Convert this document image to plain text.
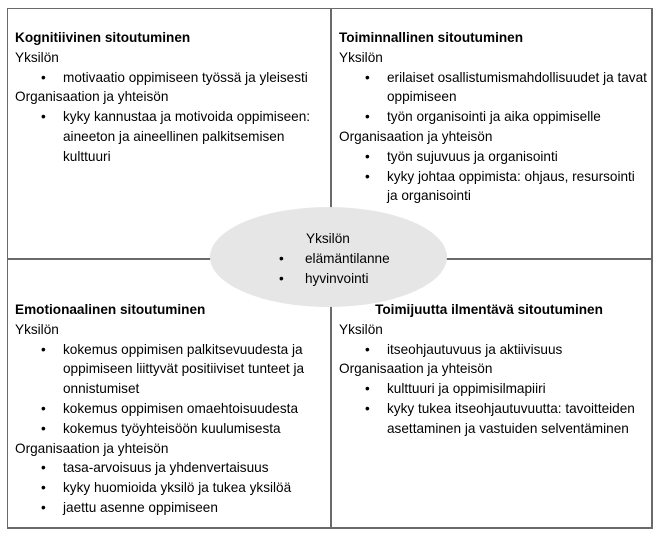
Kognitiivinen sitoutuminen
Yksilön
• motivaatio oppimiseen työssä ja yleisesti
Organisaation ja yhteisön
• kyky kannustaa ja motivoida oppimiseen: aineeton ja aineellinen palkitsemisen kulttuuri
Toiminnallinen sitoutuminen
Yksilön
• erilaiset osallistumismahdollisuudet ja tavat oppimiseen
• työn organisointi ja aika oppimiselle
Organisaation ja yhteisön
• työn sujuvuus ja organisointi
• kyky johtaa oppimista: ohjaus, resursointi ja organisointi
Emotionaalinen sitoutuminen
Yksilön
• kokemus oppimisen palkitsevuudesta ja oppimiseen liittyvät positiiviset tunteet ja onnistumiset
• kokemus oppimisen omaehtoisuudesta
• kokemus työyhteisöön kuulumisesta
Organisaation ja yhteisön
• tasa-arvoisuus ja yhdenvertaisuus
• kyky huomioida yksilö ja tukea yksilöä
• jaettu asenne oppimiseen
Toimijuutta ilmentävä sitoutuminen
Yksilön
• itseohjautuvuus ja aktiivisuus
Organisaation ja yhteisön
• kulttuuri ja oppimisilmapiiri
• kyky tukea itseohjautuvuutta: tavoitteiden asettaminen ja vastuiden selventäminen
Yksilön
• elämäntilanne
• hyvinvointi
